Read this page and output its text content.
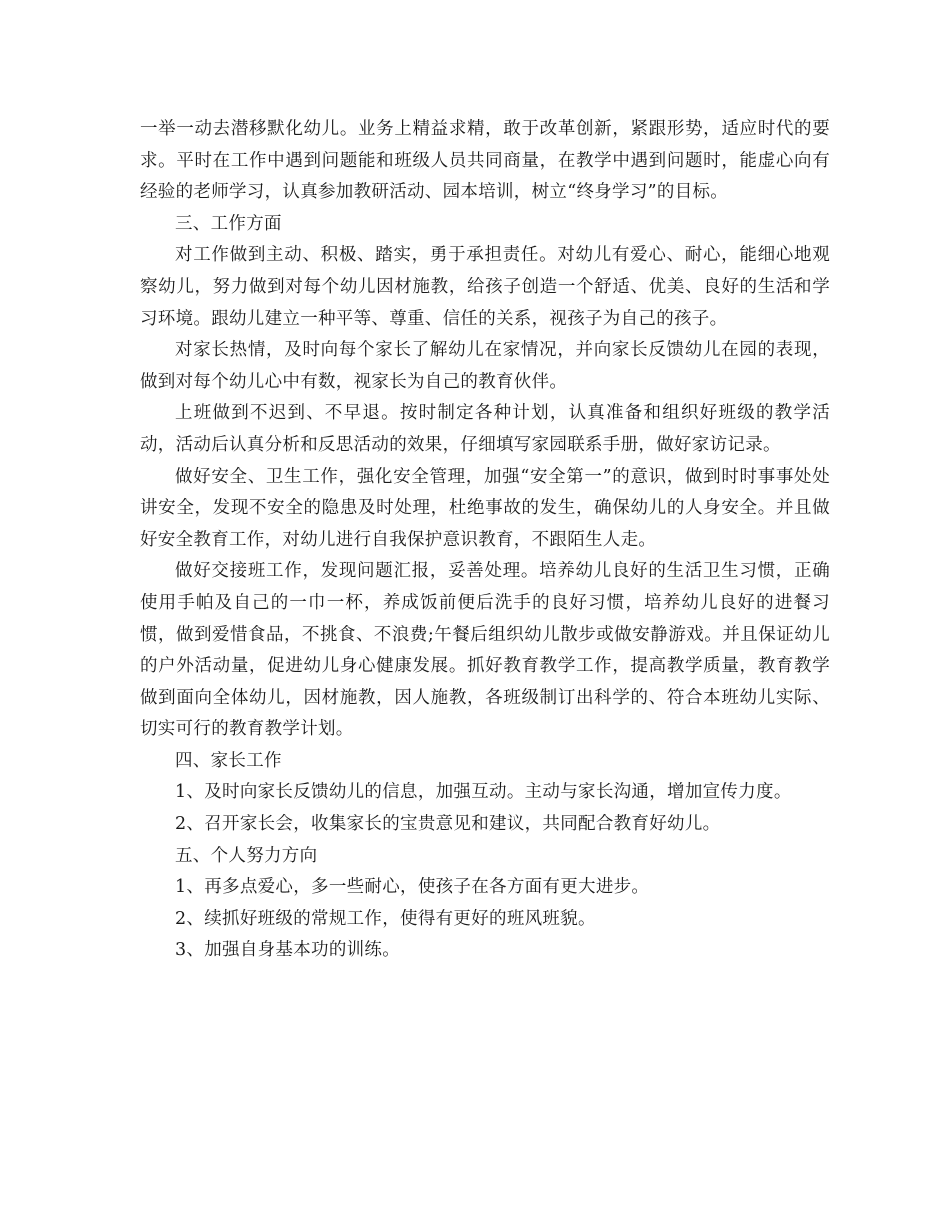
一举一动去潜移默化幼儿。业务上精益求精，敢于改革创新，紧跟形势，适应时代的要求。平时在工作中遇到问题能和班级人员共同商量，在教学中遇到问题时，能虚心向有经验的老师学习，认真参加教研活动、园本培训，树立“终身学习”的目标。

三、工作方面

对工作做到主动、积极、踏实，勇于承担责任。对幼儿有爱心、耐心，能细心地观察幼儿，努力做到对每个幼儿因材施教，给孩子创造一个舒适、优美、良好的生活和学习环境。跟幼儿建立一种平等、尊重、信任的关系，视孩子为自己的孩子。

对家长热情，及时向每个家长了解幼儿在家情况，并向家长反馈幼儿在园的表现，做到对每个幼儿心中有数，视家长为自己的教育伙伴。

上班做到不迟到、不早退。按时制定各种计划，认真准备和组织好班级的教学活动，活动后认真分析和反思活动的效果，仔细填写家园联系手册，做好家访记录。

做好安全、卫生工作，强化安全管理，加强“安全第一”的意识，做到时时事事处处讲安全，发现不安全的隐患及时处理，杜绝事故的发生，确保幼儿的人身安全。并且做好安全教育工作，对幼儿进行自我保护意识教育，不跟陌生人走。

做好交接班工作，发现问题汇报，妥善处理。培养幼儿良好的生活卫生习惯，正确使用手帕及自己的一巾一杯，养成饭前便后洗手的良好习惯，培养幼儿良好的进餐习惯，做到爱惜食品，不挑食、不浪费;午餐后组织幼儿散步或做安静游戏。并且保证幼儿的户外活动量，促进幼儿身心健康发展。抓好教育教学工作，提高教学质量，教育教学做到面向全体幼儿，因材施教，因人施教，各班级制订出科学的、符合本班幼儿实际、切实可行的教育教学计划。

四、家长工作

1、及时向家长反馈幼儿的信息，加强互动。主动与家长沟通，增加宣传力度。

2、召开家长会，收集家长的宝贵意见和建议，共同配合教育好幼儿。

五、个人努力方向

1、再多点爱心，多一些耐心，使孩子在各方面有更大进步。

2、续抓好班级的常规工作，使得有更好的班风班貌。

3、加强自身基本功的训练。
